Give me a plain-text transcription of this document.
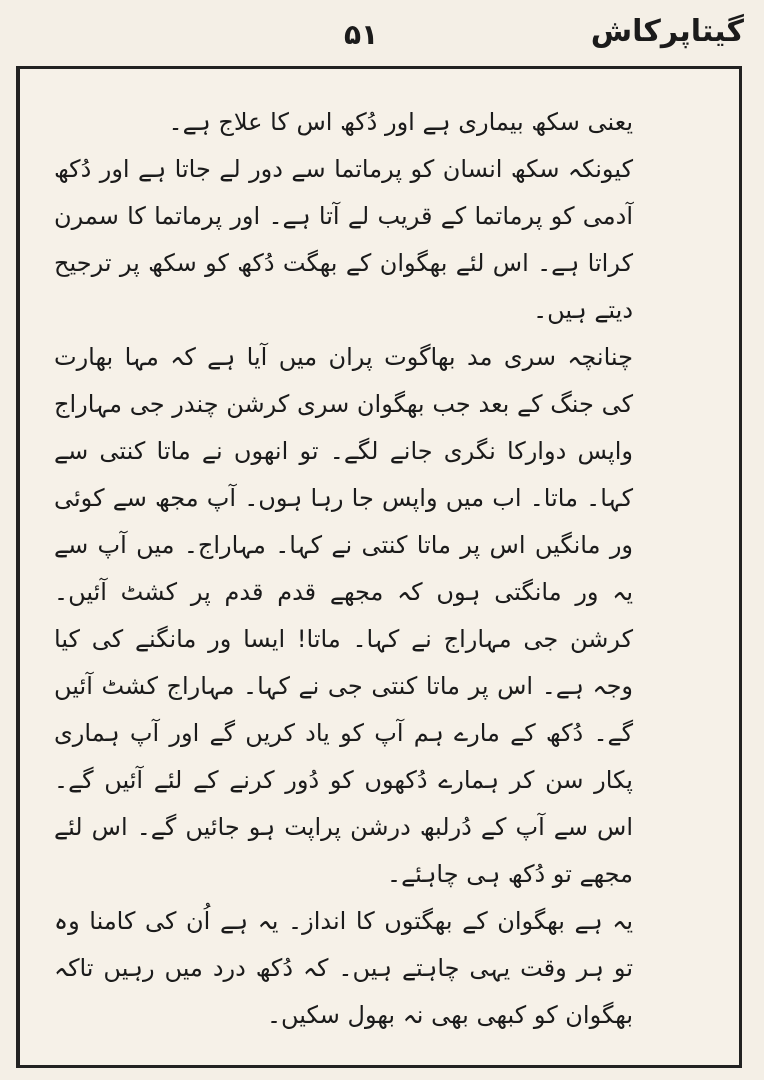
گیتاپرکاش
۵۱

یعنی سکھ بیماری ہے اور دُکھ اس کا علاج ہے۔

کیونکہ سکھ انسان کو پرماتما سے دور لے جاتا ہے اور دُکھ آدمی کو پرماتما کے قریب لے آتا ہے۔ اور پرماتما کا سمرن کراتا ہے۔ اس لئے بھگوان کے بھگت دُکھ کو سکھ پر ترجیح دیتے ہیں۔

چنانچہ سری مد بھاگوت پران میں آیا ہے کہ مہا بھارت کی جنگ کے بعد جب بھگوان سری کرشن چندر جی مہاراج واپس دوارکا نگری جانے لگے۔ تو انھوں نے ماتا کنتی سے کہا۔ ماتا۔ اب میں واپس جا رہا ہوں۔ آپ مجھ سے کوئی ور مانگیں اس پر ماتا کنتی نے کہا۔ مہاراج۔ میں آپ سے یہ ور مانگتی ہوں کہ مجھے قدم قدم پر کشٹ آئیں۔ کرشن جی مہاراج نے کہا۔ ماتا! ایسا ور مانگنے کی کیا وجہ ہے۔ اس پر ماتا کنتی جی نے کہا۔ مہاراج کشٹ آئیں گے۔ دُکھ کے مارے ہم آپ کو یاد کریں گے اور آپ ہماری پکار سن کر ہمارے دُکھوں کو دُور کرنے کے لئے آئیں گے۔ اس سے آپ کے دُرلبھ درشن پراپت ہو جائیں گے۔ اس لئے مجھے تو دُکھ ہی چاہئے۔

یہ ہے بھگوان کے بھگتوں کا انداز۔ یہ ہے اُن کی کامنا وہ تو ہر وقت یہی چاہتے ہیں۔ کہ دُکھ درد میں رہیں تاکہ بھگوان کو کبھی بھی نہ بھول سکیں۔
